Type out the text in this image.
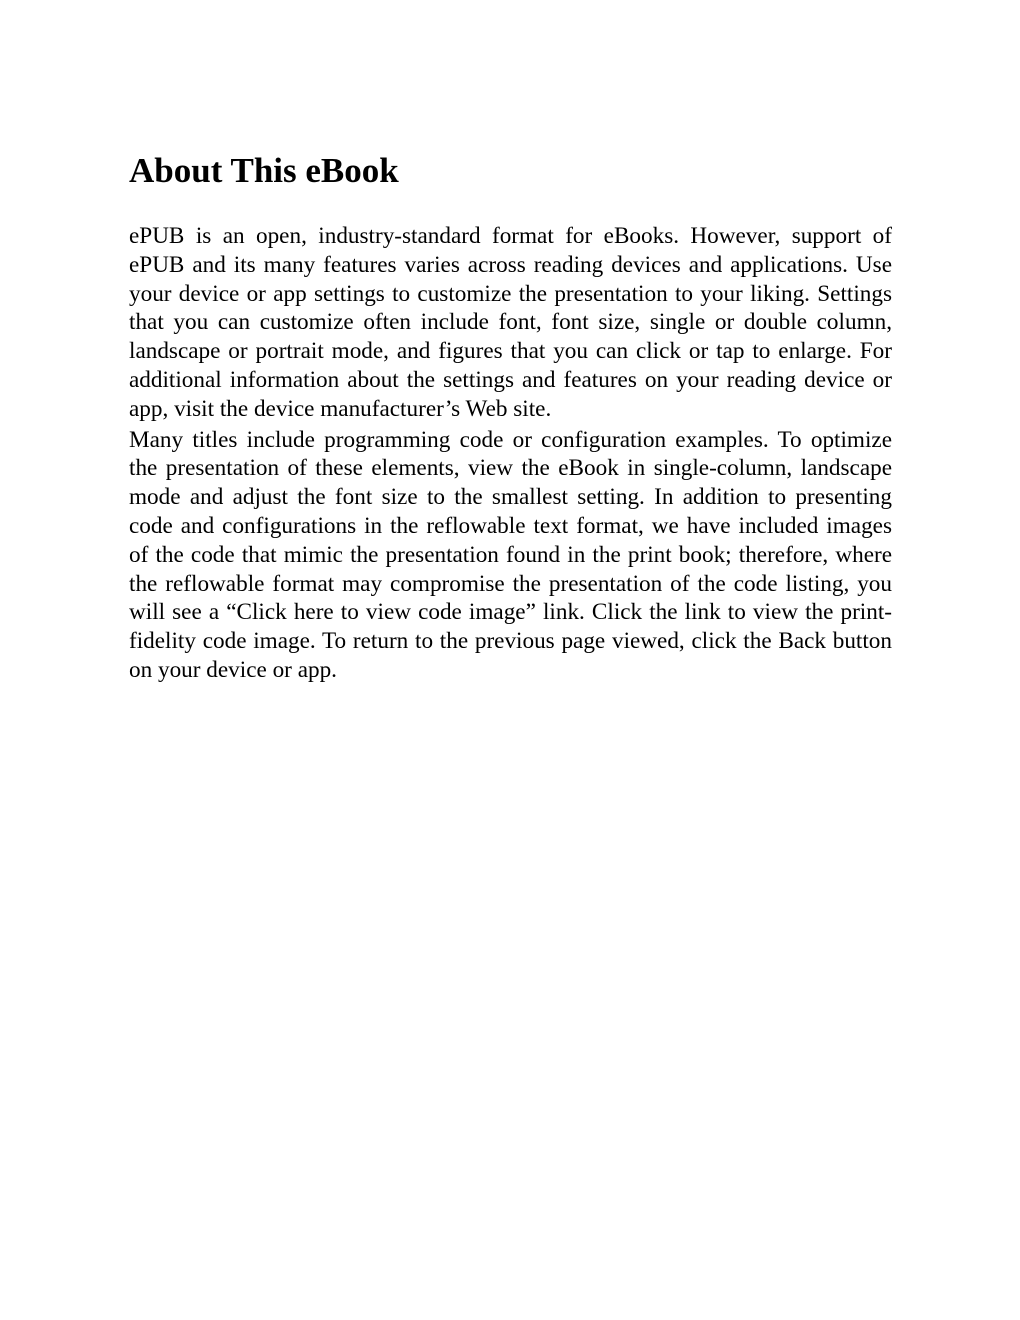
About This eBook

ePUB is an open, industry-standard format for eBooks. However, support of ePUB and its many features varies across reading devices and applications. Use your device or app settings to customize the presentation to your liking. Settings that you can customize often include font, font size, single or double column, landscape or portrait mode, and figures that you can click or tap to enlarge. For additional information about the settings and features on your reading device or app, visit the device manufacturer’s Web site.

Many titles include programming code or configuration examples. To optimize the presentation of these elements, view the eBook in single-column, landscape mode and adjust the font size to the smallest setting. In addition to presenting code and configurations in the reflowable text format, we have included images of the code that mimic the presentation found in the print book; therefore, where the reflowable format may compromise the presentation of the code listing, you will see a “Click here to view code image” link. Click the link to view the print-fidelity code image. To return to the previous page viewed, click the Back button on your device or app.
